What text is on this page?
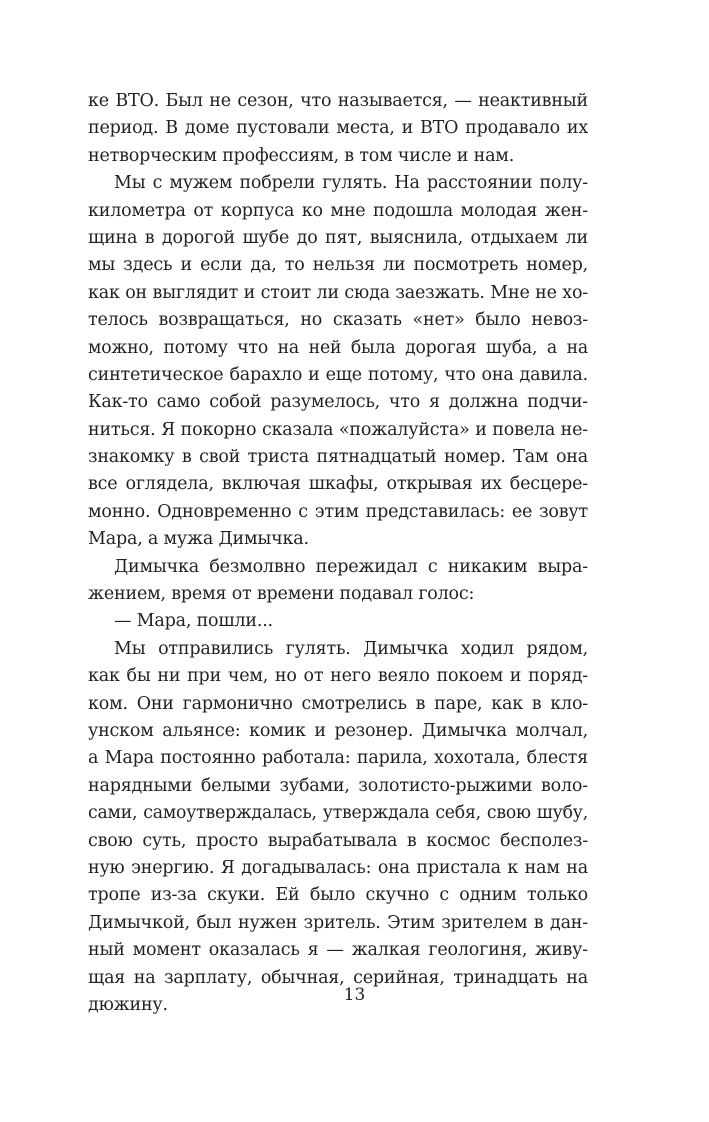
ке ВТО. Был не сезон, что называется, — неактивный
период. В доме пустовали места, и ВТО продавало их
нетворческим профессиям, в том числе и нам.
Мы с мужем побрели гулять. На расстоянии полу-
километра от корпуса ко мне подошла молодая жен-
щина в дорогой шубе до пят, выяснила, отдыхаем ли
мы здесь и если да, то нельзя ли посмотреть номер,
как он выглядит и стоит ли сюда заезжать. Мне не хо-
телось возвращаться, но сказать «нет» было невоз-
можно, потому что на ней была дорогая шуба, а на
синтетическое барахло и еще потому, что она давила.
Как-то само собой разумелось, что я должна подчи-
ниться. Я покорно сказала «пожалуйста» и повела не-
знакомку в свой триста пятнадцатый номер. Там она
все оглядела, включая шкафы, открывая их бесцере-
монно. Одновременно с этим представилась: ее зовут
Мара, а мужа Димычка.
Димычка безмолвно пережидал с никаким выра-
жением, время от времени подавал голос:
— Мара, пошли...
Мы отправились гулять. Димычка ходил рядом,
как бы ни при чем, но от него веяло покоем и поряд-
ком. Они гармонично смотрелись в паре, как в кло-
унском альянсе: комик и резонер. Димычка молчал,
а Мара постоянно работала: парила, хохотала, блестя
нарядными белыми зубами, золотисто-рыжими воло-
сами, самоутверждалась, утверждала себя, свою шубу,
свою суть, просто вырабатывала в космос бесполез-
ную энергию. Я догадывалась: она пристала к нам на
тропе из-за скуки. Ей было скучно с одним только
Димычкой, был нужен зритель. Этим зрителем в дан-
ный момент оказалась я — жалкая геологиня, живу-
щая на зарплату, обычная, серийная, тринадцать на
дюжину.	13
